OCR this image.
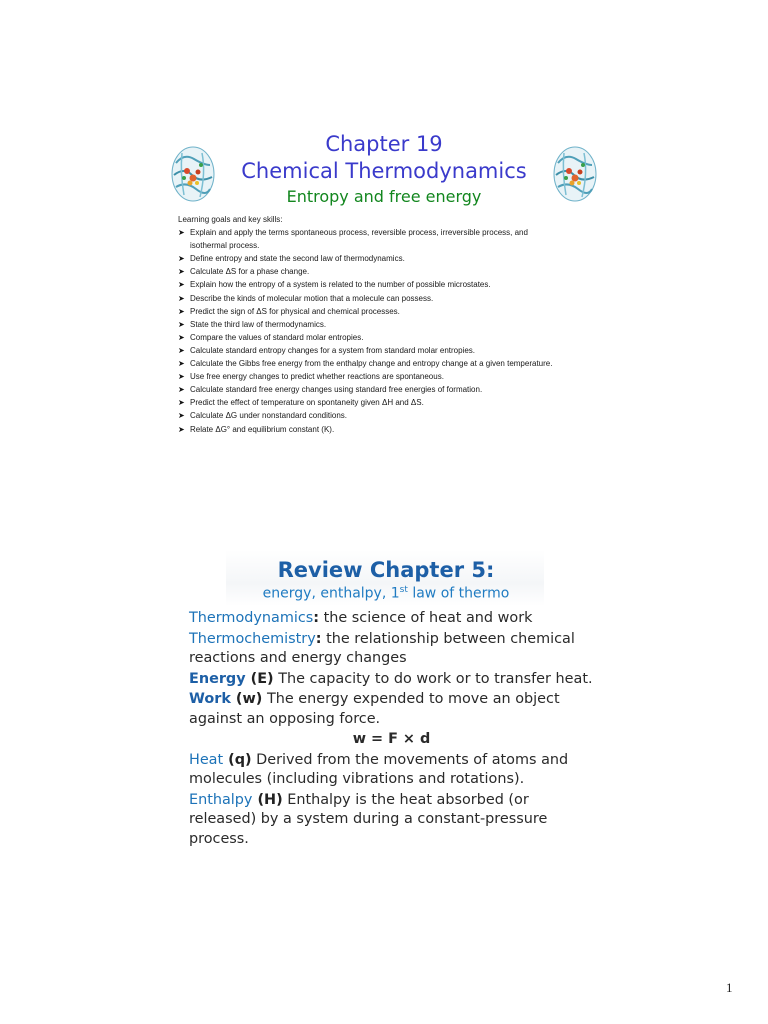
Chapter 19
Chemical Thermodynamics
Entropy and free energy
Learning goals and key skills:
➤ Explain and apply the terms spontaneous process, reversible process, irreversible process, and
isothermal process.
➤ Define entropy and state the second law of thermodynamics.
➤ Calculate ΔS for a phase change.
➤ Explain how the entropy of a system is related to the number of possible microstates.
➤ Describe the kinds of molecular motion that a molecule can possess.
➤ Predict the sign of ΔS for physical and chemical processes.
➤ State the third law of thermodynamics.
➤ Compare the values of standard molar entropies.
➤ Calculate standard entropy changes for a system from standard molar entropies.
➤ Calculate the Gibbs free energy from the enthalpy change and entropy change at a given temperature.
➤ Use free energy changes to predict whether reactions are spontaneous.
➤ Calculate standard free energy changes using standard free energies of formation.
➤ Predict the effect of temperature on spontaneity given ΔH and ΔS.
➤ Calculate ΔG under nonstandard conditions.
➤ Relate ΔG° and equilibrium constant (K).
Review Chapter 5:
energy, enthalpy, 1st law of thermo
Thermodynamics: the science of heat and work
Thermochemistry: the relationship between chemical reactions and energy changes
Energy (E) The capacity to do work or to transfer heat.
Work (w) The energy expended to move an object against an opposing force.
w = F × d
Heat (q) Derived from the movements of atoms and molecules (including vibrations and rotations).
Enthalpy (H) Enthalpy is the heat absorbed (or released) by a system during a constant-pressure process.
1
